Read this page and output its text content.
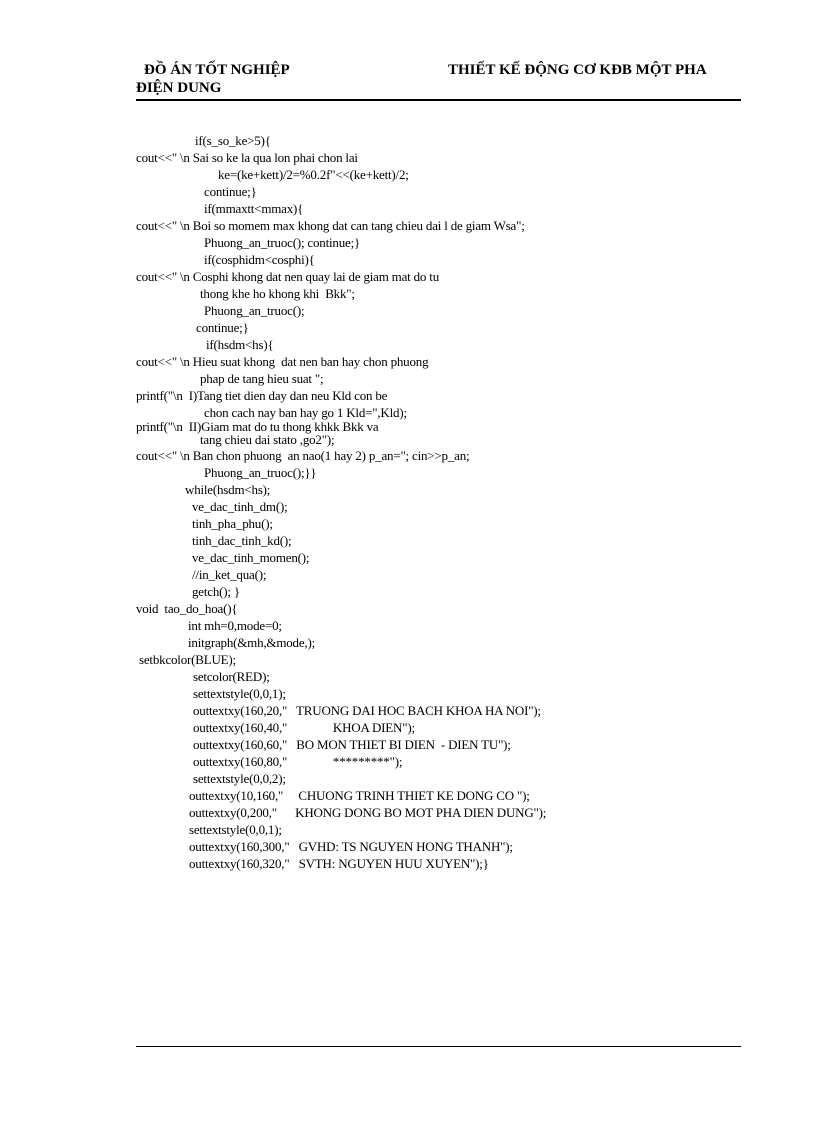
ĐỒ ÁN TỐT NGHIỆP	THIẾT KẾ ĐỘNG CƠ KĐB MỘT PHA
ĐIỆN DUNG
if(s_so_ke>5){
cout<<" \n Sai so ke la qua lon phai chon lai
ke=(ke+kett)/2=%0.2f"<<(ke+kett)/2;
continue;}
if(mmaxtt<mmax){
cout<<" \n Boi so momem max khong dat can tang chieu dai l de giam Wsa";
Phuong_an_truoc(); continue;}
if(cosphidm<cosphi){
cout<<" \n Cosphi khong dat nen quay lai de giam mat do tu
thong khe ho khong khi  Bkk";
Phuong_an_truoc();
continue;}
if(hsdm<hs){
cout<<" \n Hieu suat khong  dat nen ban hay chon phuong
phap de tang hieu suat ";
printf("\n  I)Tang tiet dien day dan neu Kld con be
chon cach nay ban hay go 1 Kld=",Kld);
printf("\n  II)Giam mat do tu thong khkk Bkk va
tang chieu dai stato ,go2");
cout<<" \n Ban chon phuong  an nao(1 hay 2) p_an="; cin>>p_an;
Phuong_an_truoc();}}
while(hsdm<hs);
ve_dac_tinh_dm();
tinh_pha_phu();
tinh_dac_tinh_kd();
ve_dac_tinh_momen();
//in_ket_qua();
getch(); }
void  tao_do_hoa(){
int mh=0,mode=0;
initgraph(&mh,&mode,);
setbkcolor(BLUE);
setcolor(RED);
settextstyle(0,0,1);
outtextxy(160,20,"   TRUONG DAI HOC BACH KHOA HA NOI");
outtextxy(160,40,"               KHOA DIEN");
outtextxy(160,60,"   BO MON THIET BI DIEN  - DIEN TU");
outtextxy(160,80,"               *********");
settextstyle(0,0,2);
outtextxy(10,160,"     CHUONG TRINH THIET KE DONG CO ");
outtextxy(0,200,"      KHONG DONG BO MOT PHA DIEN DUNG");
settextstyle(0,0,1);
outtextxy(160,300,"   GVHD: TS NGUYEN HONG THANH");
outtextxy(160,320,"   SVTH: NGUYEN HUU XUYEN");}
